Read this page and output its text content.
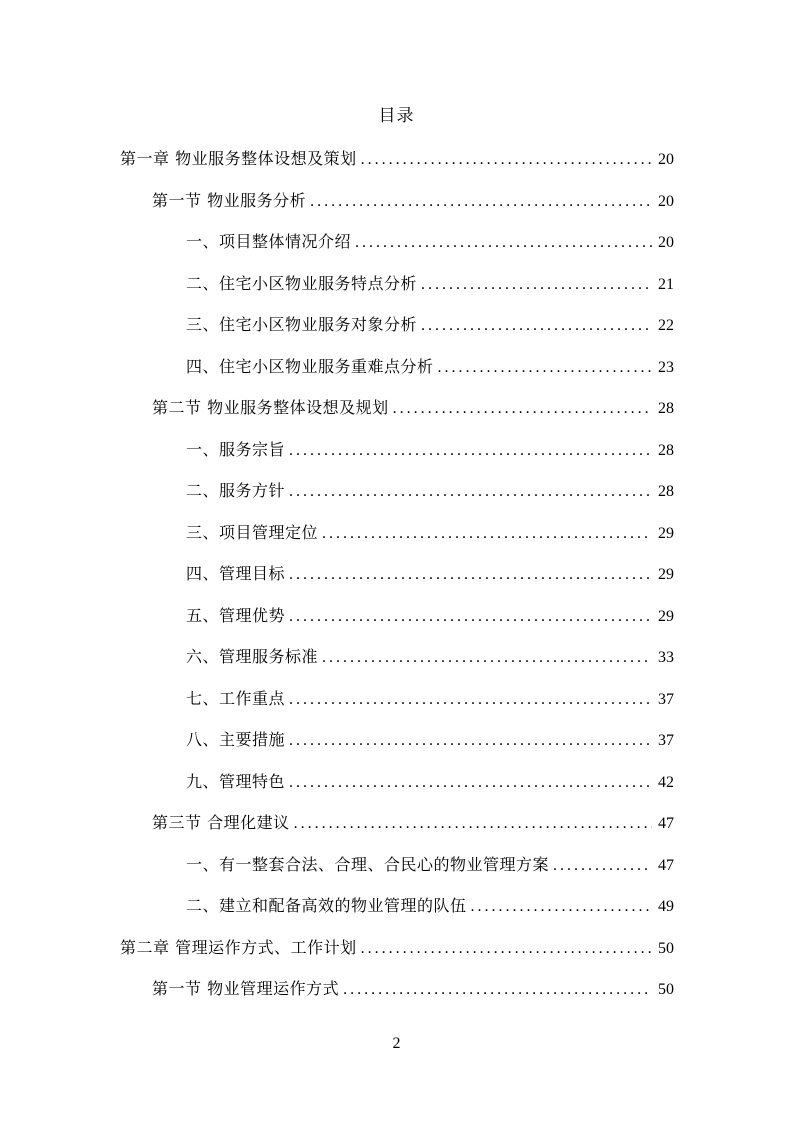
目录
第一章 物业服务整体设想及策划 .....	20
第一节 物业服务分析 .....	20
一、项目整体情况介绍 .....	20
二、住宅小区物业服务特点分析 .....	21
三、住宅小区物业服务对象分析 .....	22
四、住宅小区物业服务重难点分析 .....	23
第二节 物业服务整体设想及规划 .....	28
一、服务宗旨 .....	28
二、服务方针 .....	28
三、项目管理定位 .....	29
四、管理目标 .....	29
五、管理优势 .....	29
六、管理服务标准 .....	33
七、工作重点 .....	37
八、主要措施 .....	37
九、管理特色 .....	42
第三节 合理化建议 .....	47
一、有一整套合法、合理、合民心的物业管理方案 .....	47
二、建立和配备高效的物业管理的队伍 .....	49
第二章 管理运作方式、工作计划 .....	50
第一节 物业管理运作方式 .....	50
2
